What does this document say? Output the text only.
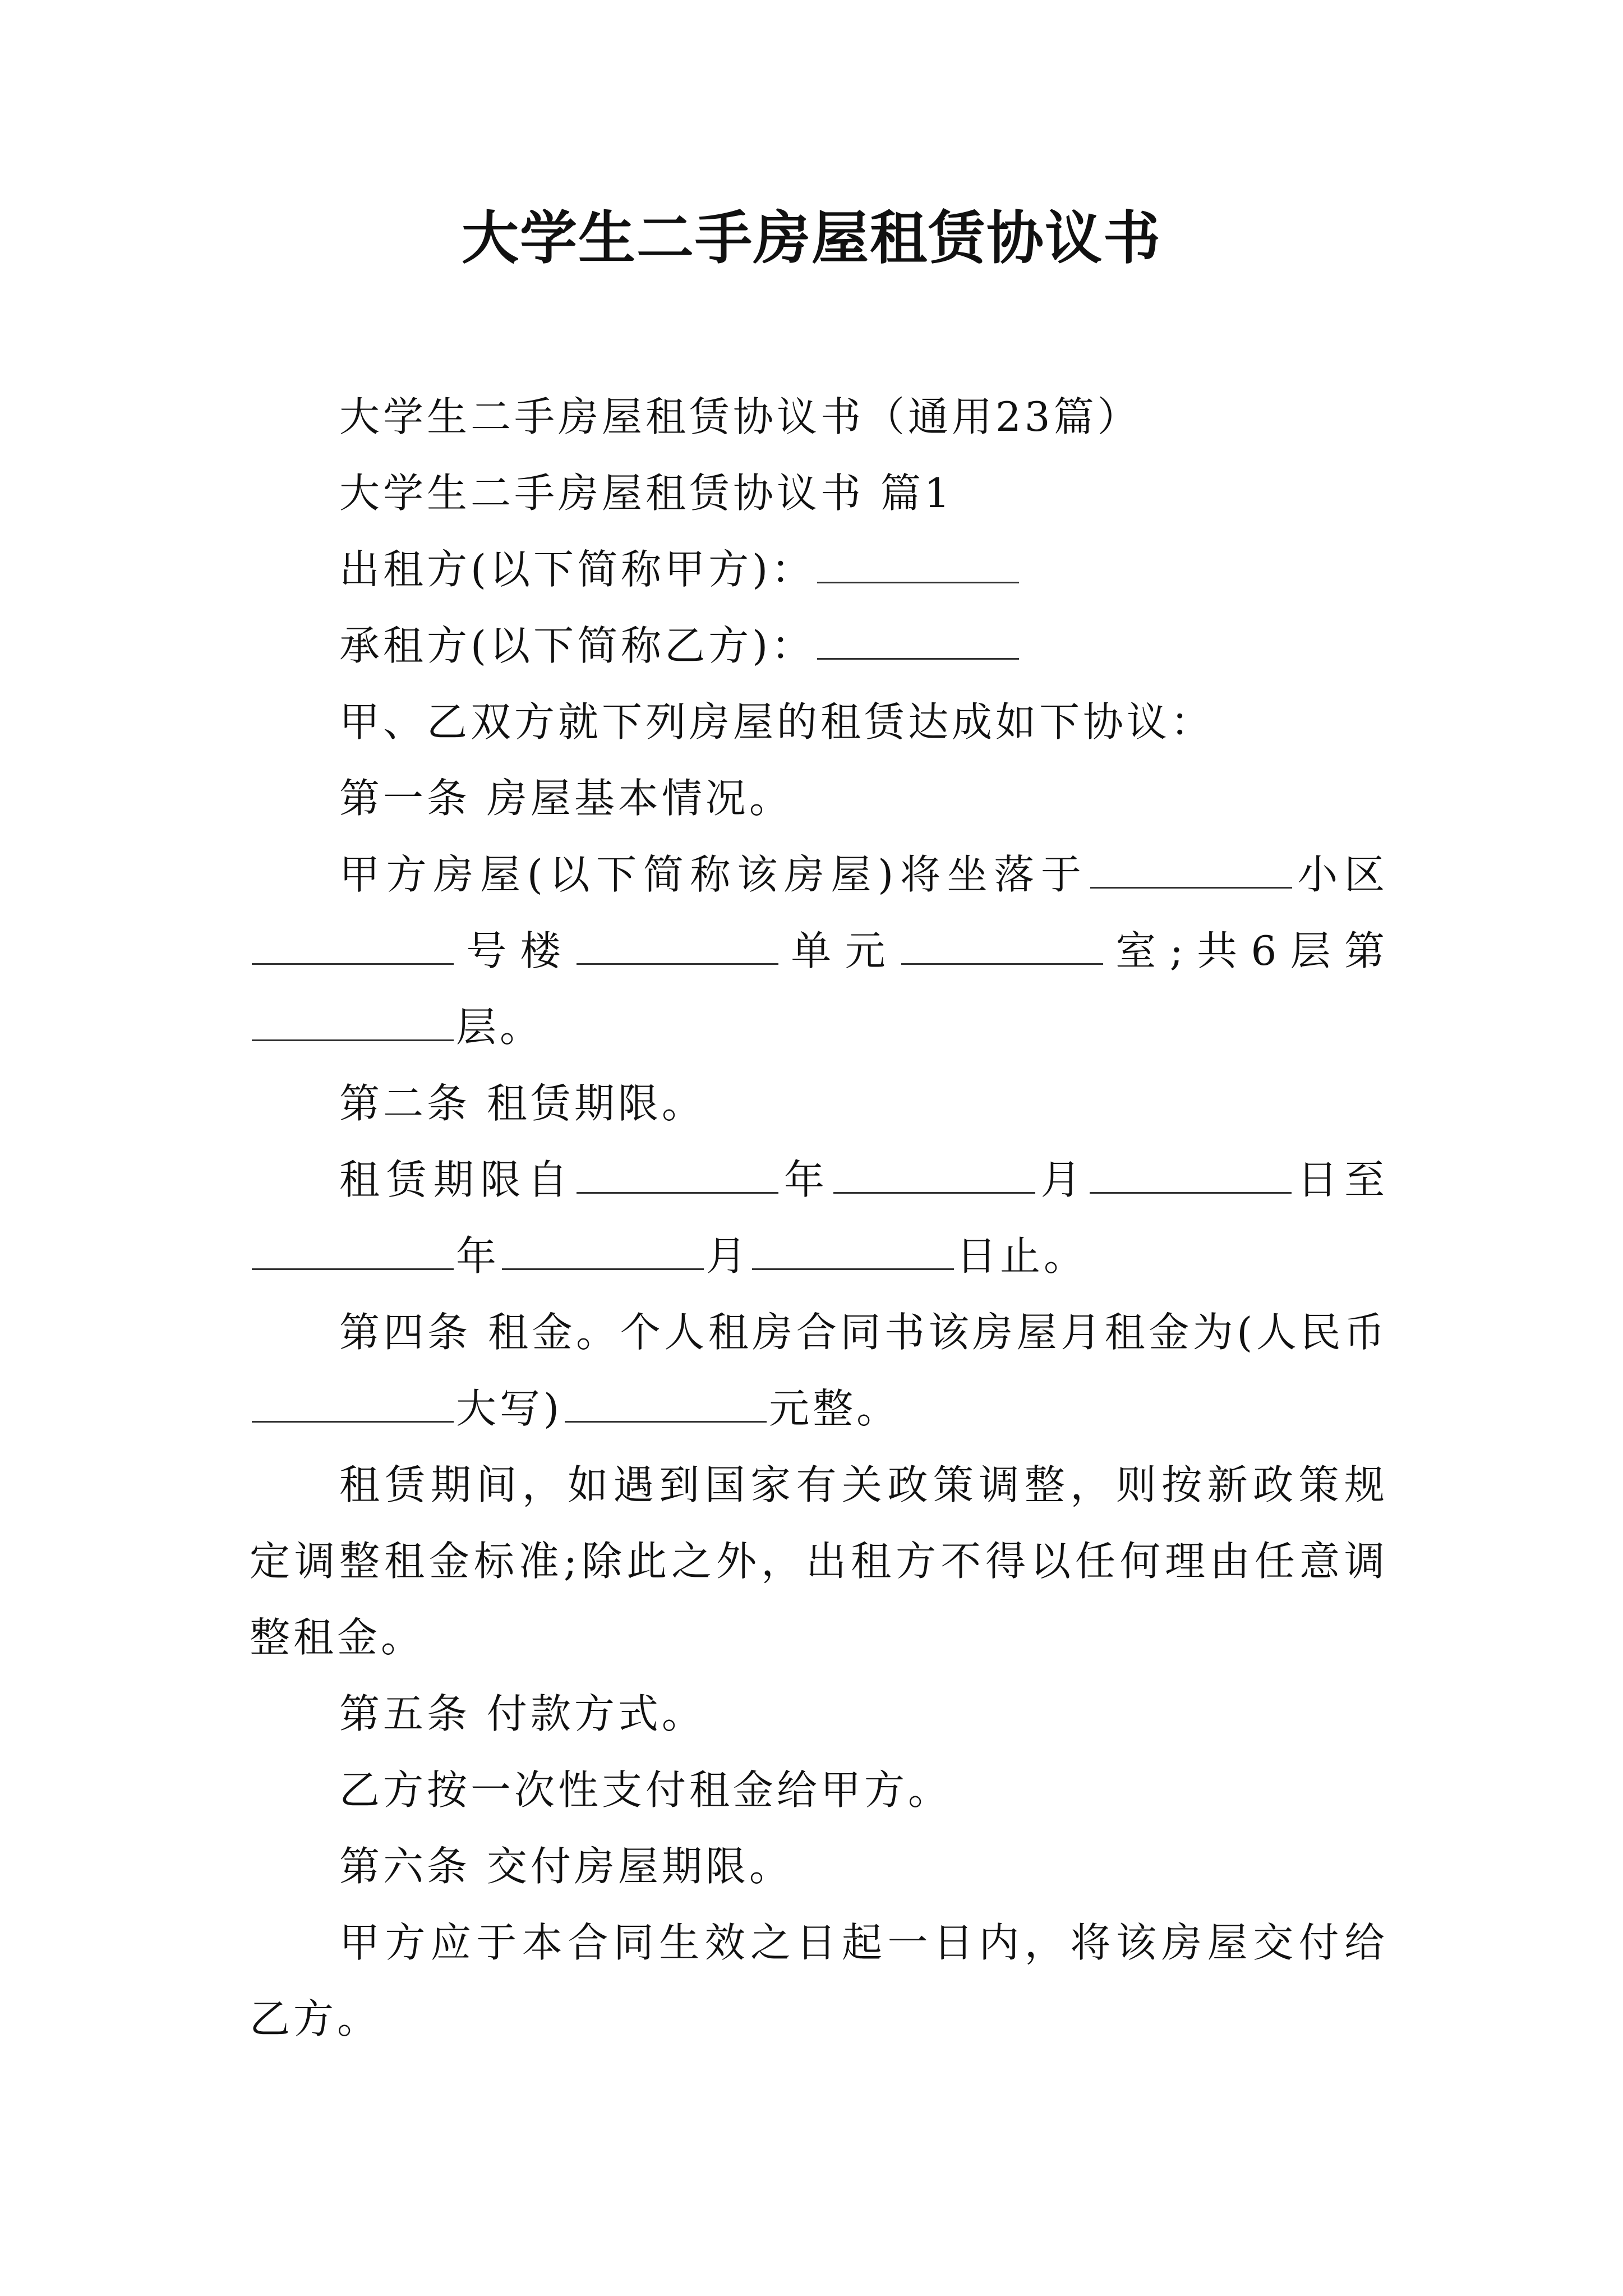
大学生二手房屋租赁协议书

大学生二手房屋租赁协议书（通用23篇）

大学生二手房屋租赁协议书 篇1

出租方(以下简称甲方)：

承租方(以下简称乙方)：

甲、乙双方就下列房屋的租赁达成如下协议：

第一条 房屋基本情况。

甲方房屋(以下简称该房屋)将坐落于	小区号楼	单元	室;共6层第层。

第二条 租赁期限。

租赁期限自	年	月	日至年	月	日止。

第四条 租金。个人租房合同书该房屋月租金为(人民币大写)	元整。

租赁期间，如遇到国家有关政策调整，则按新政策规定调整租金标准;除此之外，出租方不得以任何理由任意调整租金。

第五条 付款方式。

乙方按一次性支付租金给甲方。

第六条 交付房屋期限。

甲方应于本合同生效之日起一日内，将该房屋交付给乙方。
